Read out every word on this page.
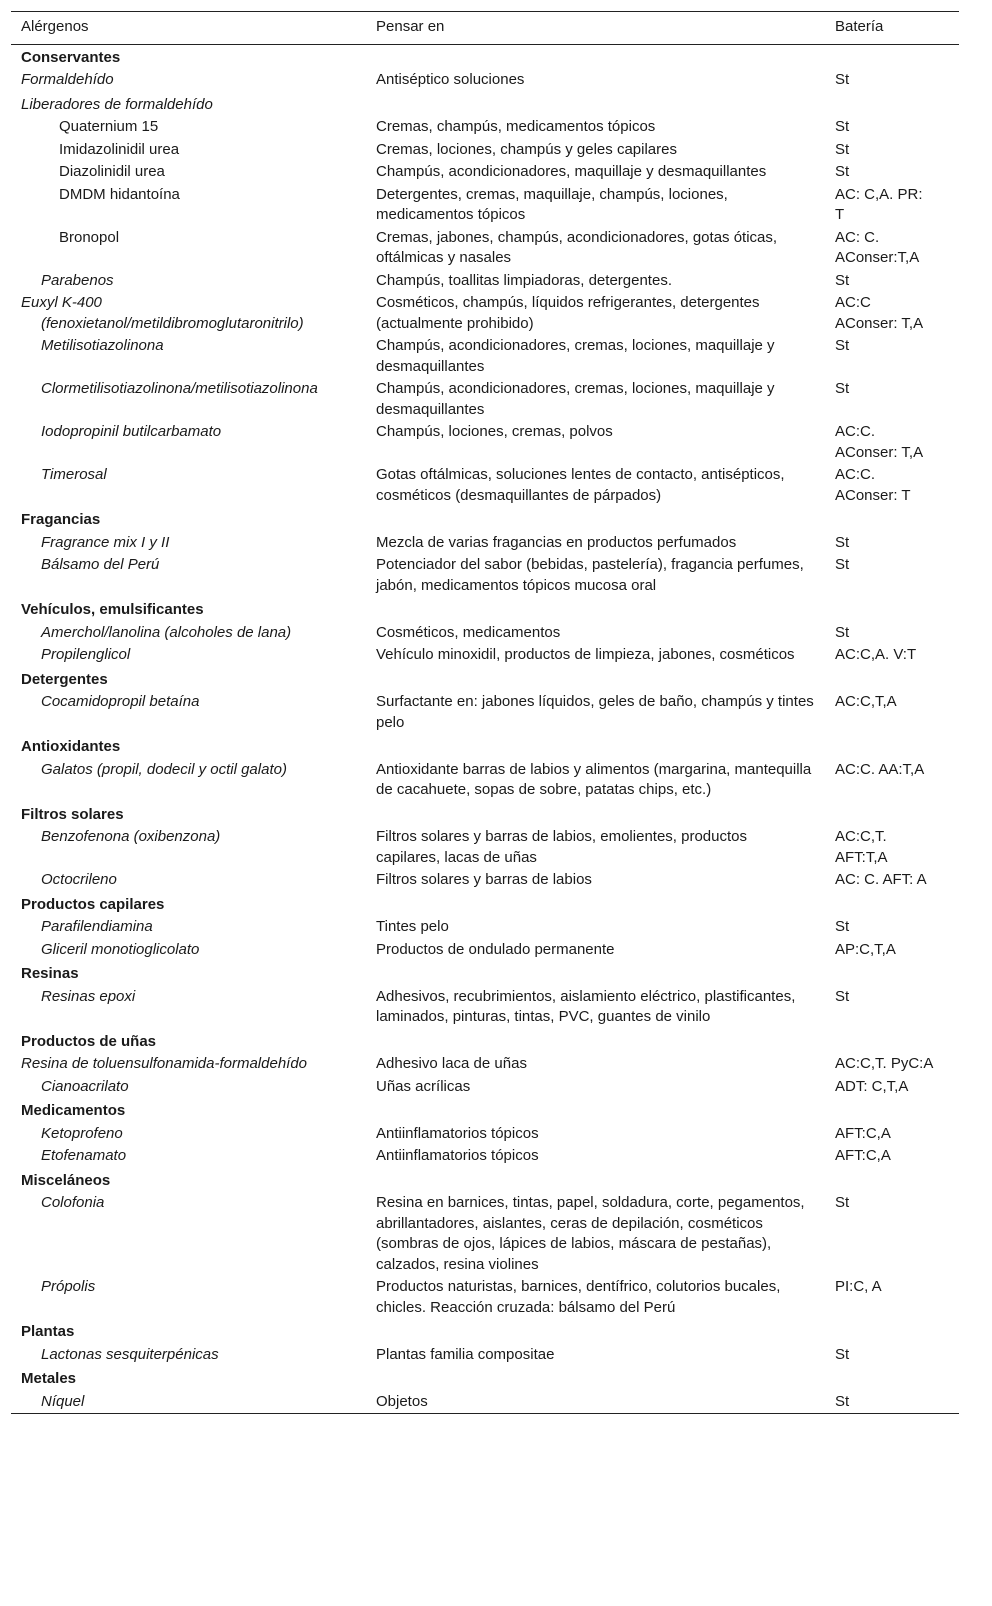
Alérgenos	Pensar en	Batería
Conservantes		
Formaldehído	Antiséptico soluciones	St
Liberadores de formaldehído		
Quaternium 15	Cremas, champús, medicamentos tópicos	St
Imidazolinidil urea	Cremas, lociones, champús y geles capilares	St
Diazolinidil urea	Champús, acondicionadores, maquillaje y desmaquillantes	St
DMDM hidantoína	Detergentes, cremas, maquillaje, champús, lociones, medicamentos tópicos	AC: C,A. PR: T
Bronopol	Cremas, jabones, champús, acondicionadores, gotas óticas, oftálmicas y nasales	AC: C. AConser:T,A
Parabenos	Champús, toallitas limpiadoras, detergentes.	St
Euxyl K-400 (fenoxietanol/metildibromoglutaronitrilo)	Cosméticos, champús, líquidos refrigerantes, detergentes (actualmente prohibido)	AC:C AConser: T,A
Metilisotiazolinona	Champús, acondicionadores, cremas, lociones, maquillaje y desmaquillantes	St
Clormetilisotiazolinona/metilisotiazolinona	Champús, acondicionadores, cremas, lociones, maquillaje y desmaquillantes	St
Iodopropinil butilcarbamato	Champús, lociones, cremas, polvos	AC:C. AConser: T,A
Timerosal	Gotas oftálmicas, soluciones lentes de contacto, antisépticos, cosméticos (desmaquillantes de párpados)	AC:C. AConser: T
Fragancias		
Fragrance mix I y II	Mezcla de varias fragancias en productos perfumados	St
Bálsamo del Perú	Potenciador del sabor (bebidas, pastelería), fragancia perfumes, jabón, medicamentos tópicos mucosa oral	St
Vehículos, emulsificantes		
Amerchol/lanolina (alcoholes de lana)	Cosméticos, medicamentos	St
Propilenglicol	Vehículo minoxidil, productos de limpieza, jabones, cosméticos	AC:C,A. V:T
Detergentes		
Cocamidopropil betaína	Surfactante en: jabones líquidos, geles de baño, champús y tintes pelo	AC:C,T,A
Antioxidantes		
Galatos (propil, dodecil y octil galato)	Antioxidante barras de labios y alimentos (margarina, mantequilla de cacahuete, sopas de sobre, patatas chips, etc.)	AC:C. AA:T,A
Filtros solares		
Benzofenona (oxibenzona)	Filtros solares y barras de labios, emolientes, productos capilares, lacas de uñas	AC:C,T. AFT:T,A
Octocrileno	Filtros solares y barras de labios	AC: C. AFT: A
Productos capilares		
Parafilendiamina	Tintes pelo	St
Gliceril monotioglicolato	Productos de ondulado permanente	AP:C,T,A
Resinas		
Resinas epoxi	Adhesivos, recubrimientos, aislamiento eléctrico, plastificantes, laminados, pinturas, tintas, PVC, guantes de vinilo	St
Productos de uñas		
Resina de toluensulfonamida-formaldehído	Adhesivo laca de uñas	AC:C,T. PyC:A
Cianoacrilato	Uñas acrílicas	ADT: C,T,A
Medicamentos		
Ketoprofeno	Antiinflamatorios tópicos	AFT:C,A
Etofenamato	Antiinflamatorios tópicos	AFT:C,A
Misceláneos		
Colofonia	Resina en barnices, tintas, papel, soldadura, corte, pegamentos, abrillantadores, aislantes, ceras de depilación, cosméticos (sombras de ojos, lápices de labios, máscara de pestañas), calzados, resina violines	St
Própolis	Productos naturistas, barnices, dentífrico, colutorios bucales, chicles. Reacción cruzada: bálsamo del Perú	PI:C, A
Plantas		
Lactonas sesquiterpénicas	Plantas familia compositae	St
Metales		
Níquel	Objetos	St
